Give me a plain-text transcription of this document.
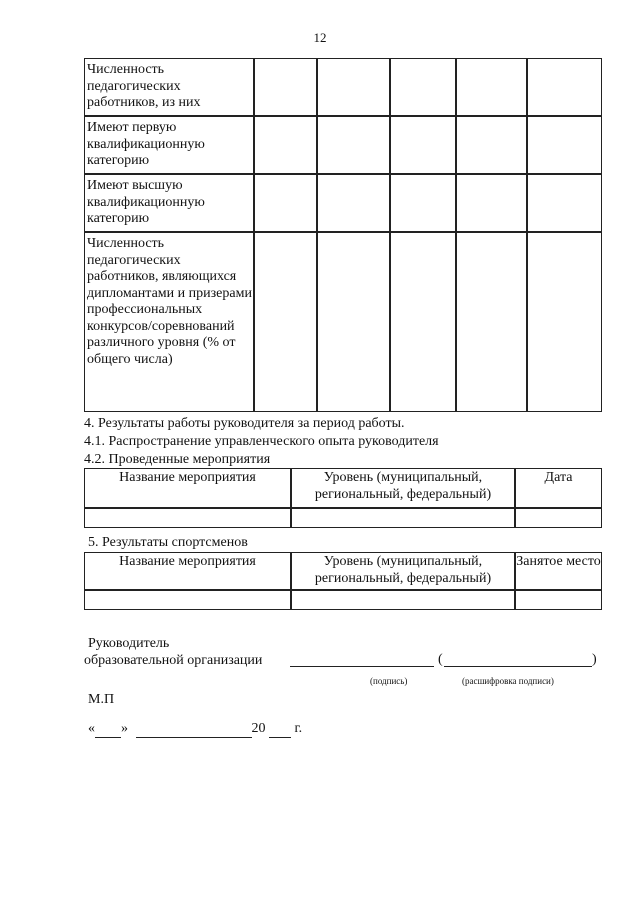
12
Численность педагогических работников, из них					
Имеют первую квалификационную категорию					
Имеют высшую квалификационную категорию					
Численность педагогических работников, являющихся дипломантами и призерами профессиональных конкурсов/соревнований различного уровня (% от общего числа)					
4. Результаты работы руководителя за период работы.
4.1. Распространение управленческого опыта руководителя
4.2. Проведенные мероприятия
Название мероприятия	Уровень (муниципальный, региональный, федеральный)	Дата

5. Результаты спортсменов
Название мероприятия	Уровень (муниципальный, региональный, федеральный)	Занятое место

Руководитель
образовательной организации	(	)
(подпись)	(расшифровка подписи)
М.П
« »	20 г.
